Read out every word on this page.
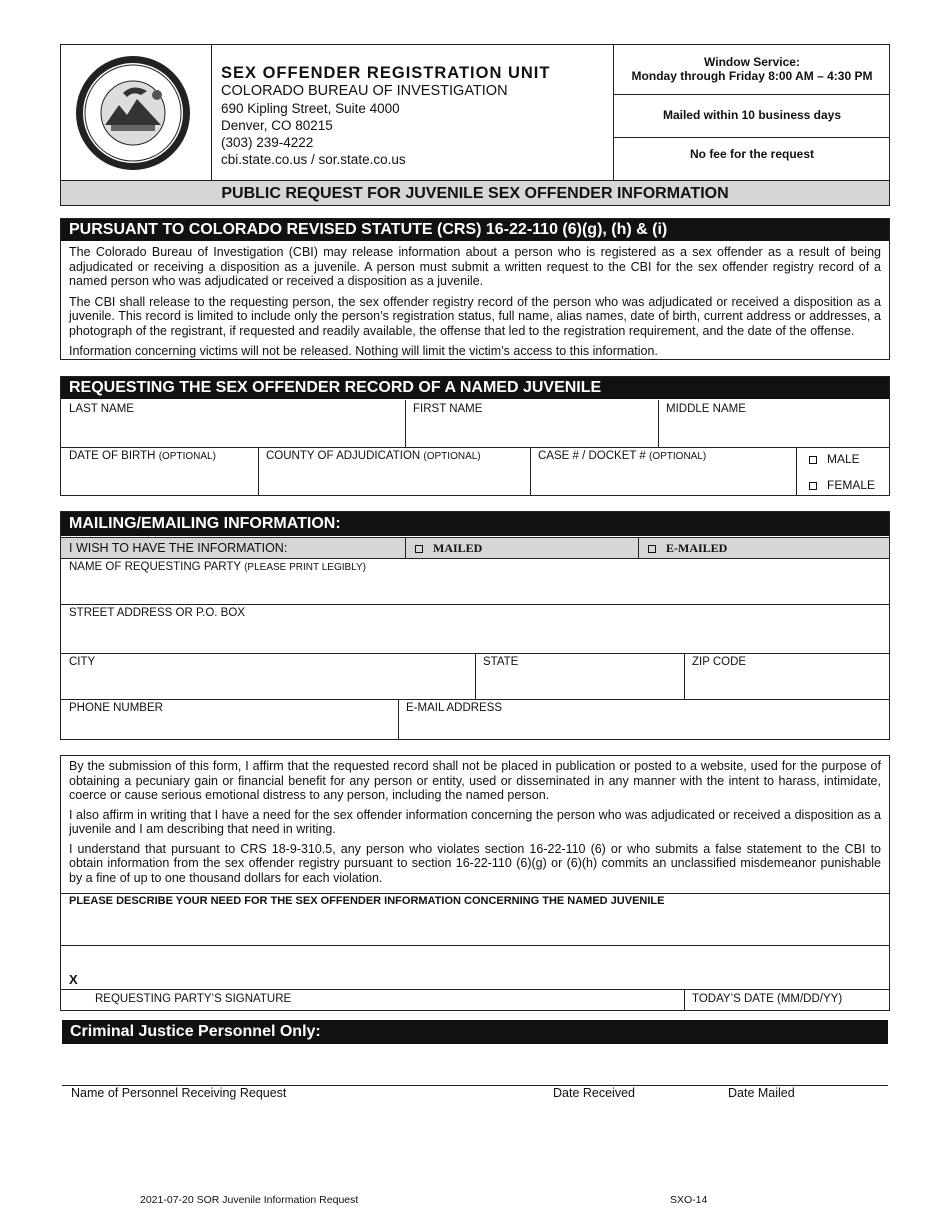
SEX OFFENDER REGISTRATION UNIT
COLORADO BUREAU OF INVESTIGATION
690 Kipling Street, Suite 4000
Denver, CO 80215
(303) 239-4222
cbi.state.co.us / sor.state.co.us
Window Service:
Monday through Friday 8:00 AM – 4:30 PM
Mailed within 10 business days
No fee for the request
PUBLIC REQUEST FOR JUVENILE SEX OFFENDER INFORMATION
PURSUANT TO COLORADO REVISED STATUTE (CRS) 16-22-110 (6)(g), (h) & (i)

The Colorado Bureau of Investigation (CBI) may release information about a person who is registered as a sex offender as a result of being adjudicated or receiving a disposition as a juvenile. A person must submit a written request to the CBI for the sex offender registry record of a named person who was adjudicated or received a disposition as a juvenile.

The CBI shall release to the requesting person, the sex offender registry record of the person who was adjudicated or received a disposition as a juvenile. This record is limited to include only the person’s registration status, full name, alias names, date of birth, current address or addresses, a photograph of the registrant, if requested and readily available, the offense that led to the registration requirement, and the date of the offense.

Information concerning victims will not be released. Nothing will limit the victim’s access to this information.

REQUESTING THE SEX OFFENDER RECORD OF A NAMED JUVENILE
LAST NAME	FIRST NAME	MIDDLE NAME
DATE OF BIRTH (OPTIONAL)	COUNTY OF ADJUDICATION (OPTIONAL)	CASE # / DOCKET # (OPTIONAL)	MALE
FEMALE
MAILING/EMAILING INFORMATION:
I WISH TO HAVE THE INFORMATION:	MAILED	E-MAILED
NAME OF REQUESTING PARTY (PLEASE PRINT LEGIBLY)
STREET ADDRESS OR P.O. BOX
CITY	STATE	ZIP CODE
PHONE NUMBER	E-MAIL ADDRESS

By the submission of this form, I affirm that the requested record shall not be placed in publication or posted to a website, used for the purpose of obtaining a pecuniary gain or financial benefit for any person or entity, used or disseminated in any manner with the intent to harass, intimidate, coerce or cause serious emotional distress to any person, including the named person.

I also affirm in writing that I have a need for the sex offender information concerning the person who was adjudicated or received a disposition as a juvenile and I am describing that need in writing.

I understand that pursuant to CRS 18-9-310.5, any person who violates section 16-22-110 (6) or who submits a false statement to the CBI to obtain information from the sex offender registry pursuant to section 16-22-110 (6)(g) or (6)(h) commits an unclassified misdemeanor punishable by a fine of up to one thousand dollars for each violation.

PLEASE DESCRIBE YOUR NEED FOR THE SEX OFFENDER INFORMATION CONCERNING THE NAMED JUVENILE
X
REQUESTING PARTY’S SIGNATURE	TODAY’S DATE (MM/DD/YY)
Criminal Justice Personnel Only:
Name of Personnel Receiving Request	Date Received	Date Mailed
2021-07-20 SOR Juvenile Information Request	SXO-14
